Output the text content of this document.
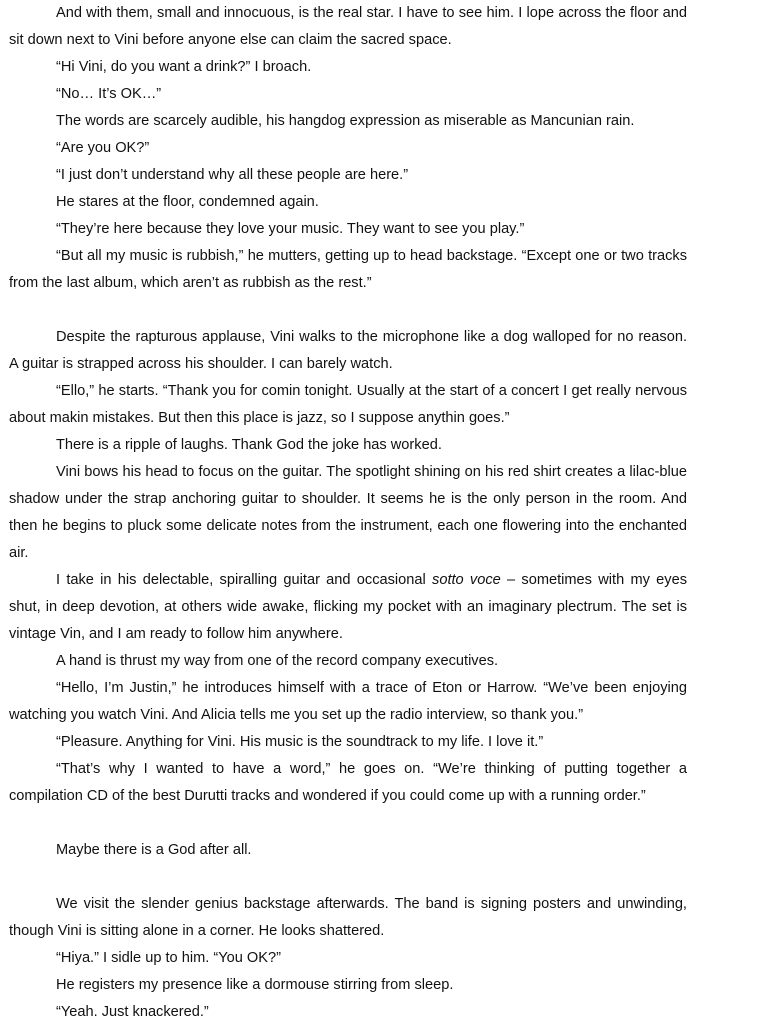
And with them, small and innocuous, is the real star. I have to see him. I lope across the floor and sit down next to Vini before anyone else can claim the sacred space.

“Hi Vini, do you want a drink?” I broach.

“No… It’s OK…”

The words are scarcely audible, his hangdog expression as miserable as Mancunian rain.

“Are you OK?”

“I just don’t understand why all these people are here.”

He stares at the floor, condemned again.

“They’re here because they love your music. They want to see you play.”

“But all my music is rubbish,” he mutters, getting up to head backstage. “Except one or two tracks from the last album, which aren’t as rubbish as the rest.”

Despite the rapturous applause, Vini walks to the microphone like a dog walloped for no reason. A guitar is strapped across his shoulder. I can barely watch.

“Ello,” he starts. “Thank you for comin tonight. Usually at the start of a concert I get really nervous about makin mistakes. But then this place is jazz, so I suppose anythin goes.”

There is a ripple of laughs. Thank God the joke has worked.

Vini bows his head to focus on the guitar. The spotlight shining on his red shirt creates a lilac-blue shadow under the strap anchoring guitar to shoulder. It seems he is the only person in the room. And then he begins to pluck some delicate notes from the instrument, each one flowering into the enchanted air.

I take in his delectable, spiralling guitar and occasional sotto voce – sometimes with my eyes shut, in deep devotion, at others wide awake, flicking my pocket with an imaginary plectrum. The set is vintage Vin, and I am ready to follow him anywhere.

A hand is thrust my way from one of the record company executives.

“Hello, I’m Justin,” he introduces himself with a trace of Eton or Harrow. “We’ve been enjoying watching you watch Vini. And Alicia tells me you set up the radio interview, so thank you.”

“Pleasure. Anything for Vini. His music is the soundtrack to my life. I love it.”

“That’s why I wanted to have a word,” he goes on. “We’re thinking of putting together a compilation CD of the best Durutti tracks and wondered if you could come up with a running order.”

Maybe there is a God after all.

We visit the slender genius backstage afterwards. The band is signing posters and unwinding, though Vini is sitting alone in a corner. He looks shattered.

“Hiya.” I sidle up to him. “You OK?”

He registers my presence like a dormouse stirring from sleep.

“Yeah. Just knackered.”
